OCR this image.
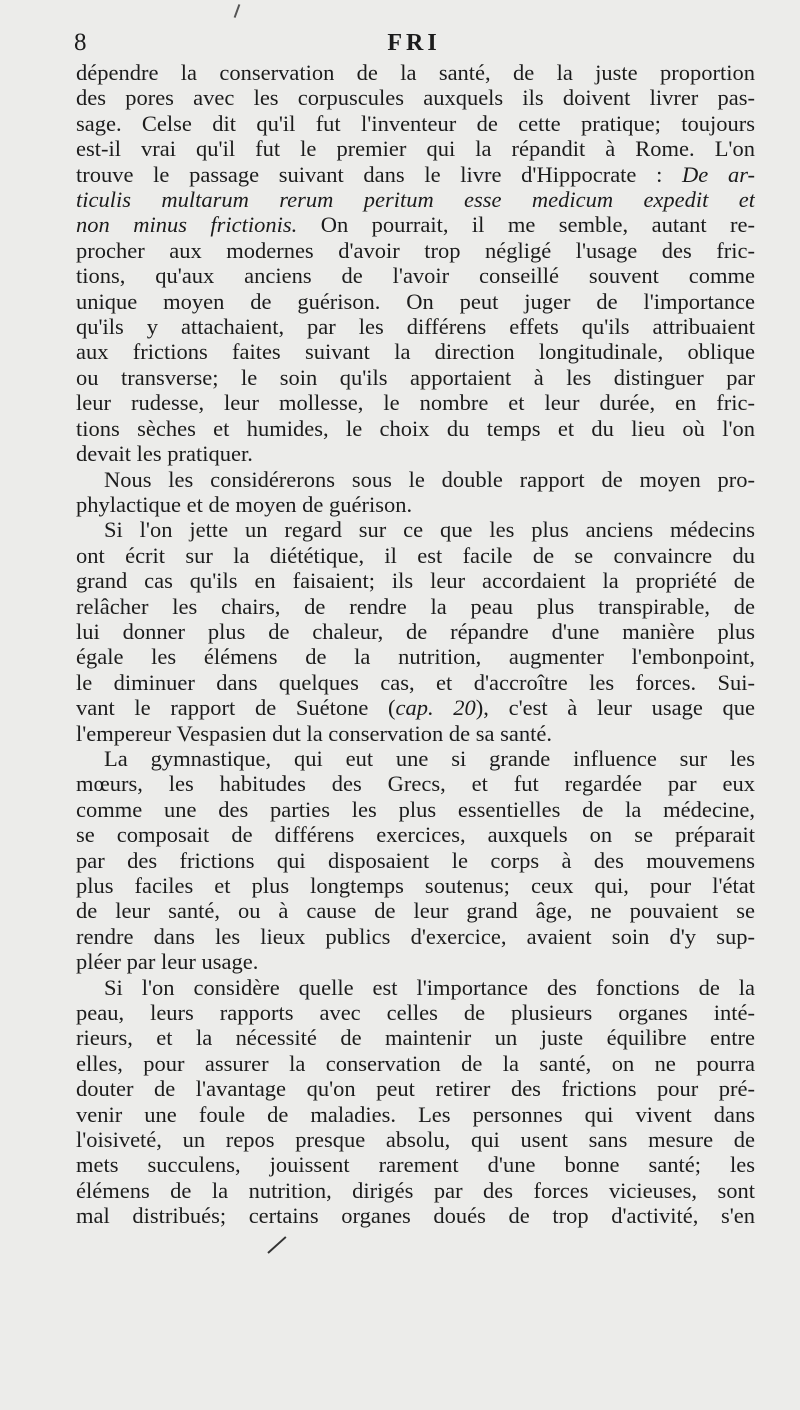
8	FRI
dépendre la conservation de la santé, de la juste proportion
des pores avec les corpuscules auxquels ils doivent livrer pas-
sage. Celse dit qu'il fut l'inventeur de cette pratique; toujours
est-il vrai qu'il fut le premier qui la répandit à Rome. L'on
trouve le passage suivant dans le livre d'Hippocrate : De ar-
ticulis multarum rerum peritum esse medicum expedit et
non minus frictionis. On pourrait, il me semble, autant re-
procher aux modernes d'avoir trop négligé l'usage des fric-
tions, qu'aux anciens de l'avoir conseillé souvent comme
unique moyen de guérison. On peut juger de l'importance
qu'ils y attachaient, par les différens effets qu'ils attribuaient
aux frictions faites suivant la direction longitudinale, oblique
ou transverse; le soin qu'ils apportaient à les distinguer par
leur rudesse, leur mollesse, le nombre et leur durée, en fric-
tions sèches et humides, le choix du temps et du lieu où l'on
devait les pratiquer.
Nous les considérerons sous le double rapport de moyen pro-
phylactique et de moyen de guérison.
Si l'on jette un regard sur ce que les plus anciens médecins
ont écrit sur la diététique, il est facile de se convaincre du
grand cas qu'ils en faisaient; ils leur accordaient la propriété de
relâcher les chairs, de rendre la peau plus transpirable, de
lui donner plus de chaleur, de répandre d'une manière plus
égale les élémens de la nutrition, augmenter l'embonpoint,
le diminuer dans quelques cas, et d'accroître les forces. Sui-
vant le rapport de Suétone (cap. 20), c'est à leur usage que
l'empereur Vespasien dut la conservation de sa santé.
La gymnastique, qui eut une si grande influence sur les
mœurs, les habitudes des Grecs, et fut regardée par eux
comme une des parties les plus essentielles de la médecine,
se composait de différens exercices, auxquels on se préparait
par des frictions qui disposaient le corps à des mouvemens
plus faciles et plus longtemps soutenus; ceux qui, pour l'état
de leur santé, ou à cause de leur grand âge, ne pouvaient se
rendre dans les lieux publics d'exercice, avaient soin d'y sup-
pléer par leur usage.
Si l'on considère quelle est l'importance des fonctions de la
peau, leurs rapports avec celles de plusieurs organes inté-
rieurs, et la nécessité de maintenir un juste équilibre entre
elles, pour assurer la conservation de la santé, on ne pourra
douter de l'avantage qu'on peut retirer des frictions pour pré-
venir une foule de maladies. Les personnes qui vivent dans
l'oisiveté, un repos presque absolu, qui usent sans mesure de
mets succulens, jouissent rarement d'une bonne santé; les
élémens de la nutrition, dirigés par des forces vicieuses, sont
mal distribués; certains organes doués de trop d'activité, s'en
